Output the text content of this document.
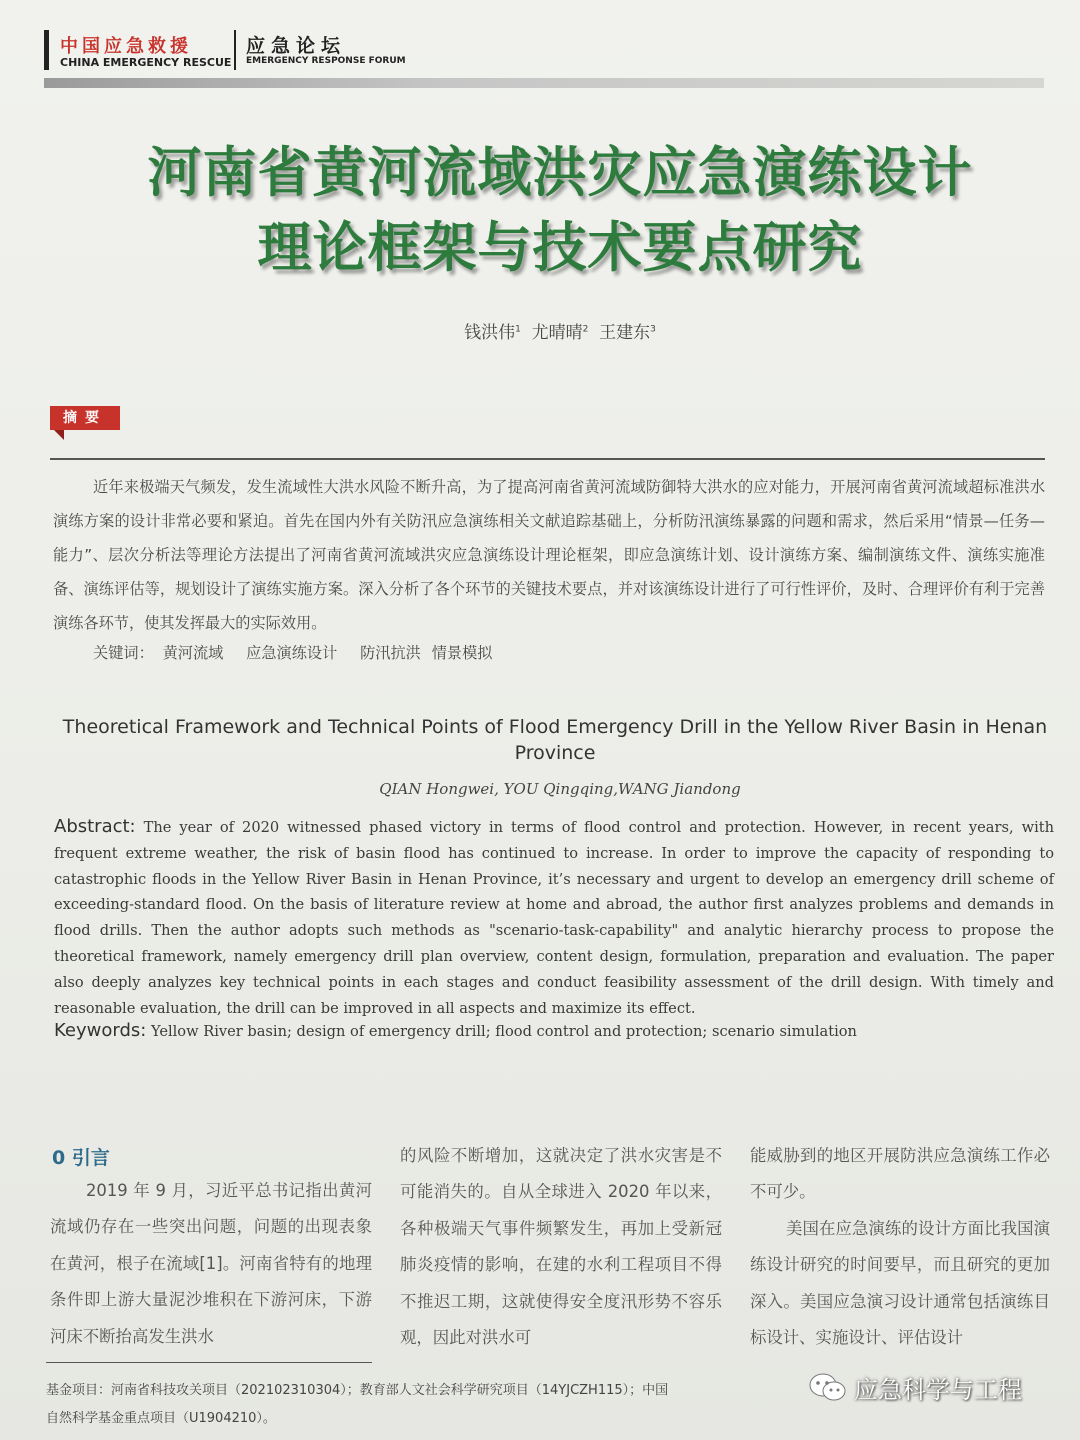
中国应急救援
CHINA EMERGENCY RESCUE
应急论坛
EMERGENCY RESPONSE FORUM
河南省黄河流域洪灾应急演练设计
理论框架与技术要点研究
钱洪伟$^1$ 尤晴晴$^2$ 王建东$^3$
摘要

近年来极端天气频发，发生流域性大洪水风险不断升高，为了提高河南省黄河流域防御特大洪水的应对能力，开展河南省黄河流域超标准洪水演练方案的设计非常必要和紧迫。首先在国内外有关防汛应急演练相关文献追踪基础上，分析防汛演练暴露的问题和需求，然后采用“情景—任务—能力”、层次分析法等理论方法提出了河南省黄河流域洪灾应急演练设计理论框架，即应急演练计划、设计演练方案、编制演练文件、演练实施准备、演练评估等，规划设计了演练实施方案。深入分析了各个环节的关键技术要点，并对该演练设计进行了可行性评价，及时、合理评价有利于完善演练各环节，使其发挥最大的实际效用。

关键词： 黄河流域 应急演练设计 防汛抗洪 情景模拟
Theoretical Framework and Technical Points of Flood Emergency Drill in the Yellow River Basin in Henan Province
QIAN Hongwei, YOU Qingqing,WANG Jiandong
Abstract: The year of 2020 witnessed phased victory in terms of flood control and protection. However, in recent years, with frequent extreme weather, the risk of basin flood has continued to increase. In order to improve the capacity of responding to catastrophic floods in the Yellow River Basin in Henan Province, it’s necessary and urgent to develop an emergency drill scheme of exceeding-standard flood. On the basis of literature review at home and abroad, the author first analyzes problems and demands in flood drills. Then the author adopts such methods as "scenario-task-capability" and analytic hierarchy process to propose the theoretical framework, namely emergency drill plan overview, content design, formulation, preparation and evaluation. The paper also deeply analyzes key technical points in each stages and conduct feasibility assessment of the drill design. With timely and reasonable evaluation, the drill can be improved in all aspects and maximize its effect.
Keywords: Yellow River basin; design of emergency drill; flood control and protection; scenario simulation
0 引言

2019 年 9 月，习近平总书记指出黄河流域仍存在一些突出问题，问题的出现表象在黄河，根子在流域[1]。河南省特有的地理条件即上游大量泥沙堆积在下游河床，下游河床不断抬高发生洪水

的风险不断增加，这就决定了洪水灾害是不可能消失的。自从全球进入 2020 年以来，各种极端天气事件频繁发生，再加上受新冠肺炎疫情的影响，在建的水利工程项目不得不推迟工期，这就使得安全度汛形势不容乐观，因此对洪水可

能威胁到的地区开展防洪应急演练工作必不可少。

美国在应急演练的设计方面比我国演练设计研究的时间要早，而且研究的更加深入。美国应急演习设计通常包括演练目标设计、实施设计、评估设计

基金项目：河南省科技攻关项目（202102310304）；教育部人文社会科学研究项目（14YJCZH115）；中国
自然科学基金重点项目（U1904210）。
应急科学与工程
